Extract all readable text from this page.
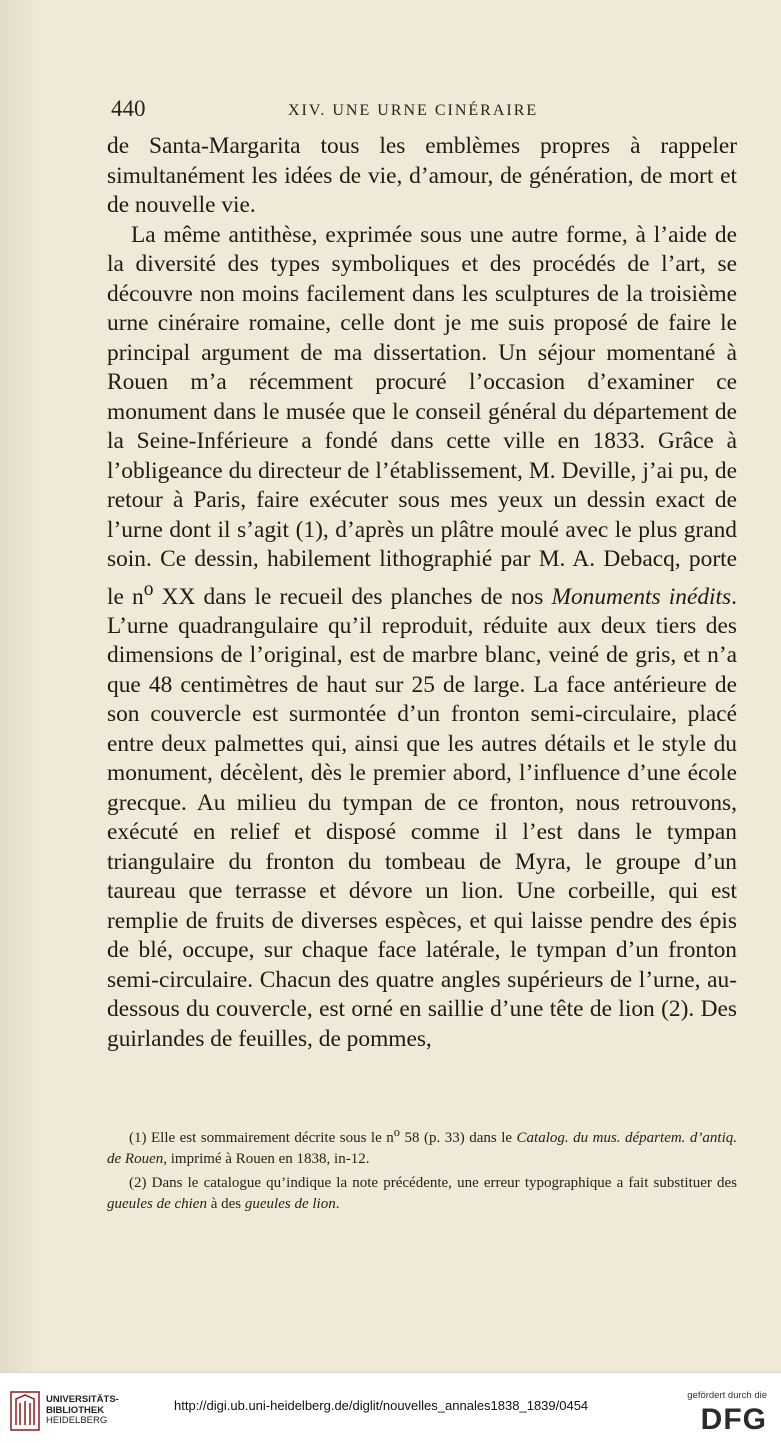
440	XIV. UNE URNE CINÉRAIRE

de Santa-Margarita tous les emblèmes propres à rappeler simultanément les idées de vie, d’amour, de génération, de mort et de nouvelle vie.

La même antithèse, exprimée sous une autre forme, à l’aide de la diversité des types symboliques et des procédés de l’art, se découvre non moins facilement dans les sculptures de la troisième urne cinéraire romaine, celle dont je me suis proposé de faire le principal argument de ma dissertation. Un séjour momentané à Rouen m’a récemment procuré l’occasion d’examiner ce monument dans le musée que le conseil général du département de la Seine-Inférieure a fondé dans cette ville en 1833. Grâce à l’obligeance du directeur de l’établissement, M. Deville, j’ai pu, de retour à Paris, faire exécuter sous mes yeux un dessin exact de l’urne dont il s’agit (1), d’après un plâtre moulé avec le plus grand soin. Ce dessin, habilement lithographié par M. A. Debacq, porte le $n^o$ XX dans le recueil des planches de nos Monuments inédits. L’urne quadrangulaire qu’il reproduit, réduite aux deux tiers des dimensions de l’original, est de marbre blanc, veiné de gris, et n’a que 48 centimètres de haut sur 25 de large. La face antérieure de son couvercle est surmontée d’un fronton semi-circulaire, placé entre deux palmettes qui, ainsi que les autres détails et le style du monument, décèlent, dès le premier abord, l’influence d’une école grecque. Au milieu du tympan de ce fronton, nous retrouvons, exécuté en relief et disposé comme il l’est dans le tympan triangulaire du fronton du tombeau de Myra, le groupe d’un taureau que terrasse et dévore un lion. Une corbeille, qui est remplie de fruits de diverses espèces, et qui laisse pendre des épis de blé, occupe, sur chaque face latérale, le tympan d’un fronton semi-circulaire. Chacun des quatre angles supérieurs de l’urne, au-dessous du couvercle, est orné en saillie d’une tête de lion (2). Des guirlandes de feuilles, de pommes,

(1) Elle est sommairement décrite sous le $n^o$ 58 (p. 33) dans le Catalog. du mus. départem. d’antiq. de Rouen, imprimé à Rouen en 1838, in-12.

(2) Dans le catalogue qu’indique la note précédente, une erreur typographique a fait substituer des gueules de chien à des gueules de lion.

UNIVERSITÄTS-
BIBLIOTHEK
HEIDELBERG
http://digi.ub.uni-heidelberg.de/diglit/nouvelles_annales1838_1839/0454
gefördert durch die
DFG
